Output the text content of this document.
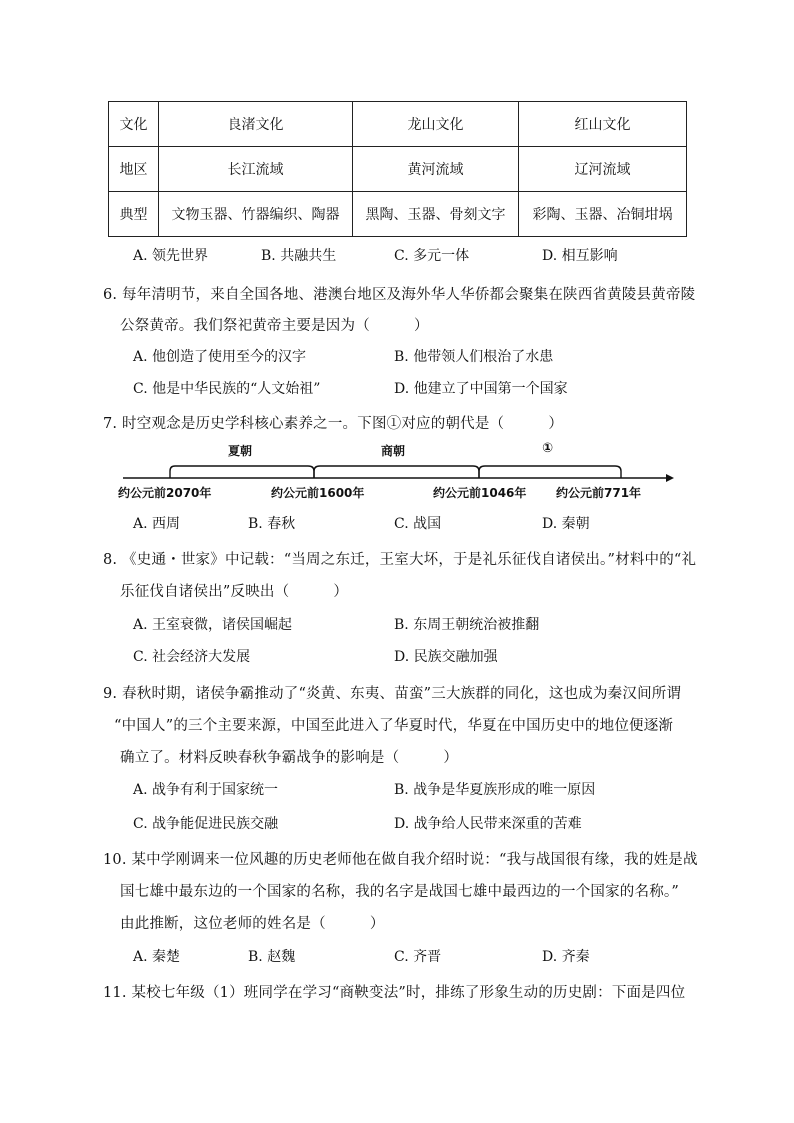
文化	良渚文化	龙山文化	红山文化
地区	长江流域	黄河流域	辽河流域
典型	文物玉器、竹器编织、陶器	黑陶、玉器、骨刻文字	彩陶、玉器、冶铜坩埚
A. 领先世界	B. 共融共生	C. 多元一体	D. 相互影响
6. 每年清明节，来自全国各地、港澳台地区及海外华人华侨都会聚集在陕西省黄陵县黄帝陵
公祭黄帝。我们祭祀黄帝主要是因为（　　　）
A. 他创造了使用至今的汉字	B. 他带领人们根治了水患
C. 他是中华民族的“人文始祖”	D. 他建立了中国第一个国家
7. 时空观念是历史学科核心素养之一。下图①对应的朝代是（　　　）
夏朝	商朝	①
约公元前2070年	约公元前1600年	约公元前1046年 约公元前771年
A. 西周	B. 春秋	C. 战国	D. 秦朝
8. 《史通・世家》中记载：“当周之东迁，王室大坏，于是礼乐征伐自诸侯出。”材料中的“礼
乐征伐自诸侯出”反映出（　　　）
A. 王室衰微，诸侯国崛起	B. 东周王朝统治被推翻
C. 社会经济大发展	D. 民族交融加强
9. 春秋时期，诸侯争霸推动了“炎黄、东夷、苗蛮”三大族群的同化，这也成为秦汉间所谓
“中国人”的三个主要来源，中国至此进入了华夏时代，华夏在中国历史中的地位便逐渐
确立了。材料反映春秋争霸战争的影响是（　　　）
A. 战争有利于国家统一	B. 战争是华夏族形成的唯一原因
C. 战争能促进民族交融	D. 战争给人民带来深重的苦难
10. 某中学刚调来一位风趣的历史老师他在做自我介绍时说：“我与战国很有缘，我的姓是战
国七雄中最东边的一个国家的名称，我的名字是战国七雄中最西边的一个国家的名称。”
由此推断，这位老师的姓名是（　　　）
A. 秦楚	B. 赵魏	C. 齐晋	D. 齐秦
11. 某校七年级（1）班同学在学习“商鞅变法”时，排练了形象生动的历史剧：下面是四位
